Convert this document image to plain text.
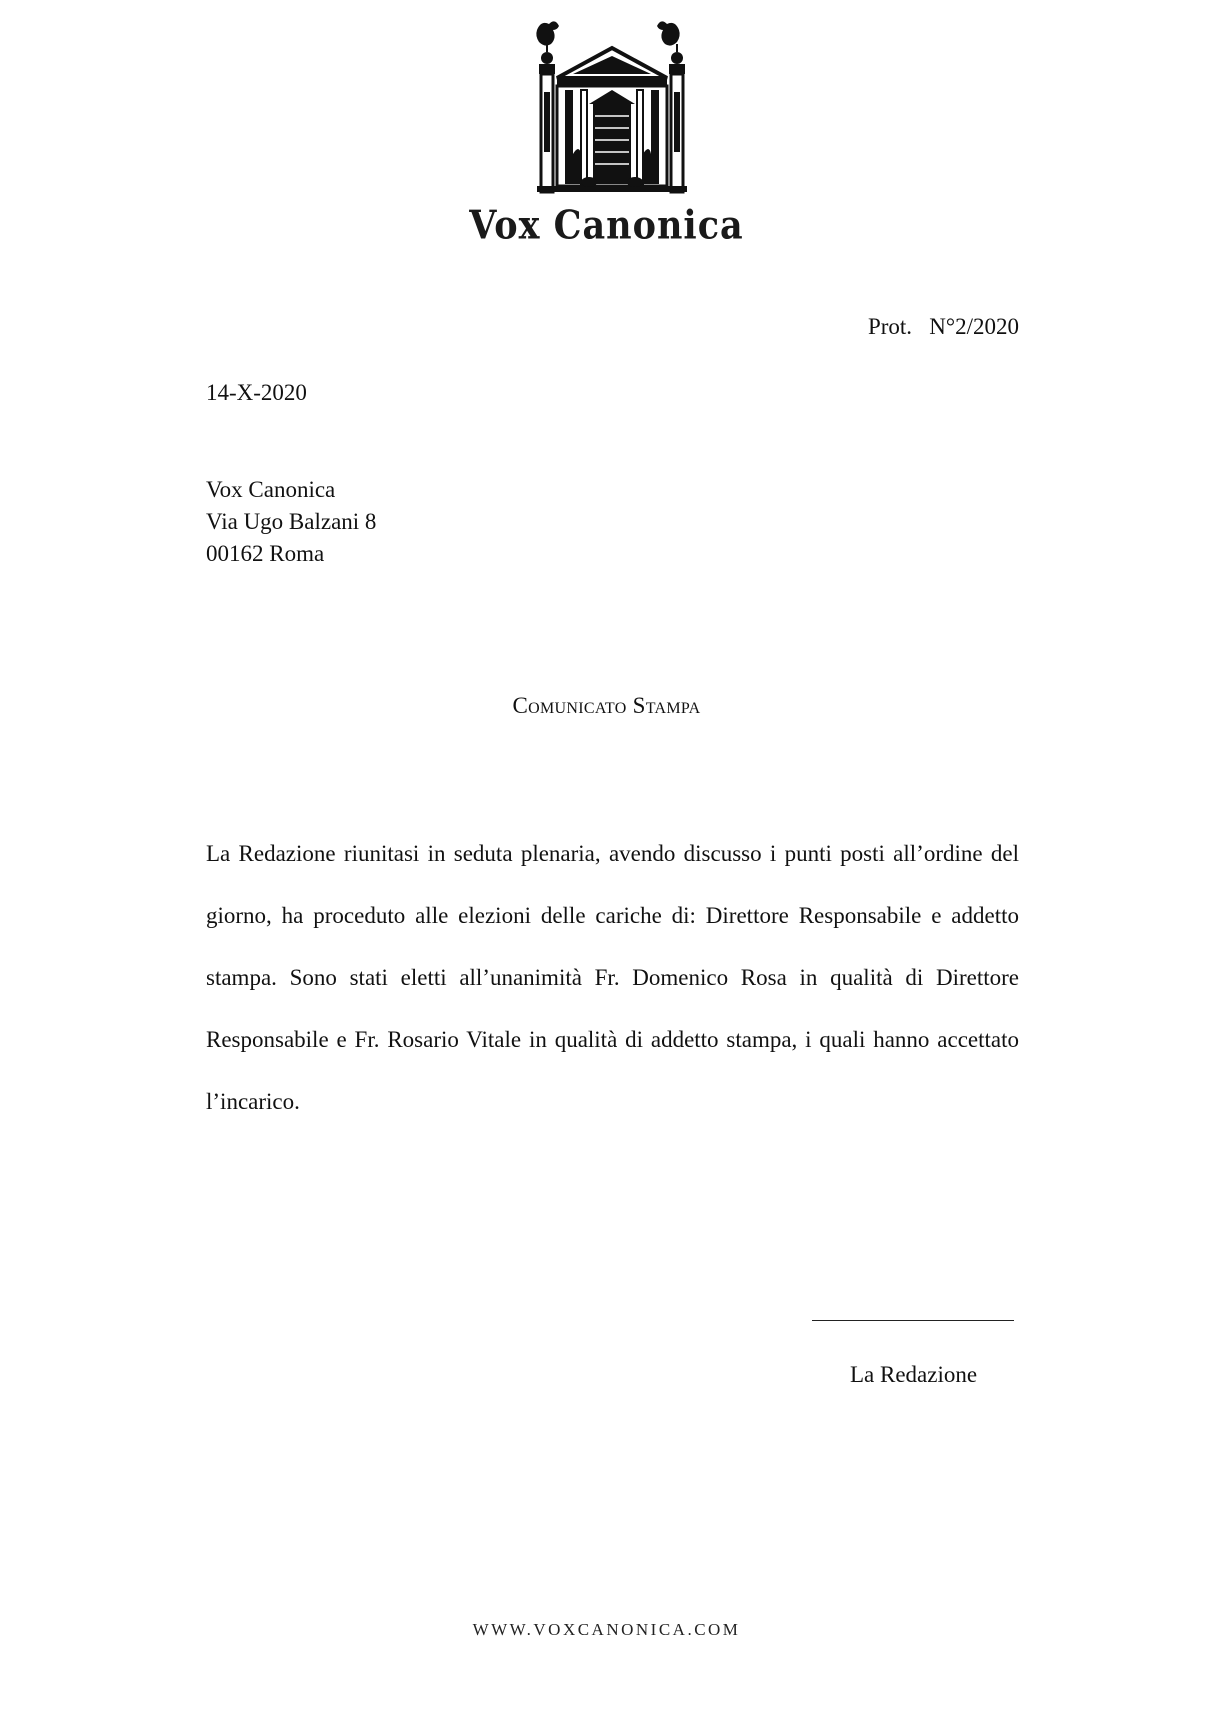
Vox Canonica
Prot.   N°2/2020
14-X-2020
Vox Canonica
Via Ugo Balzani 8
00162 Roma
Comunicato Stampa
La Redazione riunitasi in seduta plenaria, avendo discusso i punti posti all’ordine del giorno, ha proceduto alle elezioni delle cariche di: Direttore Responsabile e addetto stampa. Sono stati eletti all’unanimità Fr. Domenico Rosa in qualità di Direttore Responsabile e Fr. Rosario Vitale in qualità di addetto stampa, i quali hanno accettato l’incarico.
La Redazione
WWW.VOXCANONICA.COM
